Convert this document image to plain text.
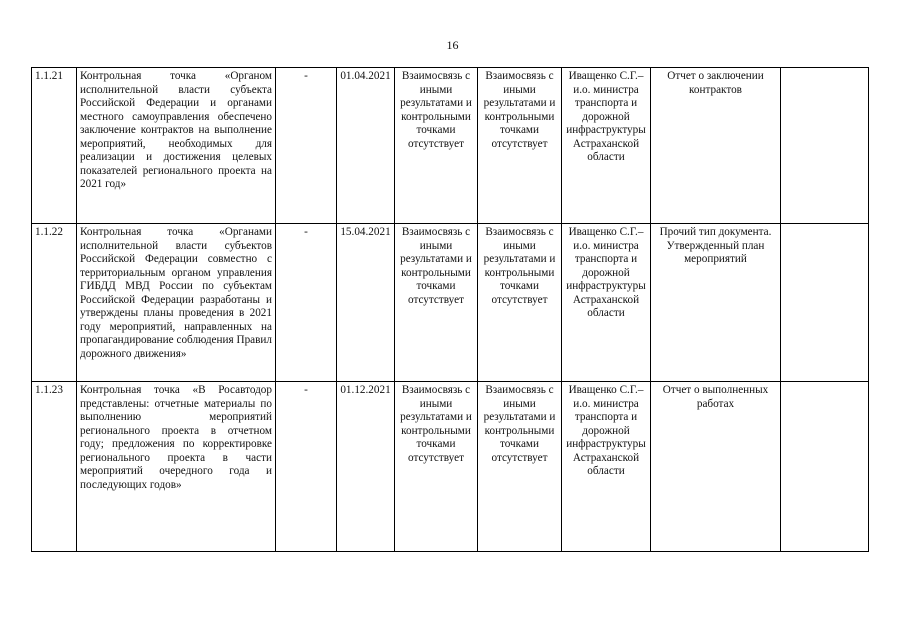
16
1.1.21	Контрольная точка «Органом исполнительной власти субъекта Российской Федерации и органами местного самоуправления обеспечено заключение контрактов на выполнение мероприятий, необходимых для реализации и достижения целевых показателей регионального проекта на 2021 год»	-	01.04.2021	Взаимосвязь с иными результатами и контрольными точками отсутствует	Взаимосвязь с иными результатами и контрольными точками отсутствует	Иващенко С.Г.– и.о. министра транспорта и дорожной инфраструктуры Астраханской области	Отчет о заключении контрактов	
1.1.22	Контрольная точка «Органами исполнительной власти субъектов Российской Федерации совместно с территориальным органом управления ГИБДД МВД России по субъектам Российской Федерации разработаны и утверждены планы проведения в 2021 году мероприятий, направленных на пропагандирование соблюдения Правил дорожного движения»	-	15.04.2021	Взаимосвязь с иными результатами и контрольными точками отсутствует	Взаимосвязь с иными результатами и контрольными точками отсутствует	Иващенко С.Г.– и.о. министра транспорта и дорожной инфраструктуры Астраханской области	Прочий тип документа. Утвержденный план мероприятий	
1.1.23	Контрольная точка «В Росавтодор представлены: отчетные материалы по выполнению мероприятий регионального проекта в отчетном году; предложения по корректировке регионального проекта в части мероприятий очередного года и последующих годов»	-	01.12.2021	Взаимосвязь с иными результатами и контрольными точками отсутствует	Взаимосвязь с иными результатами и контрольными точками отсутствует	Иващенко С.Г.– и.о. министра транспорта и дорожной инфраструктуры Астраханской области	Отчет о выполненных работах	
